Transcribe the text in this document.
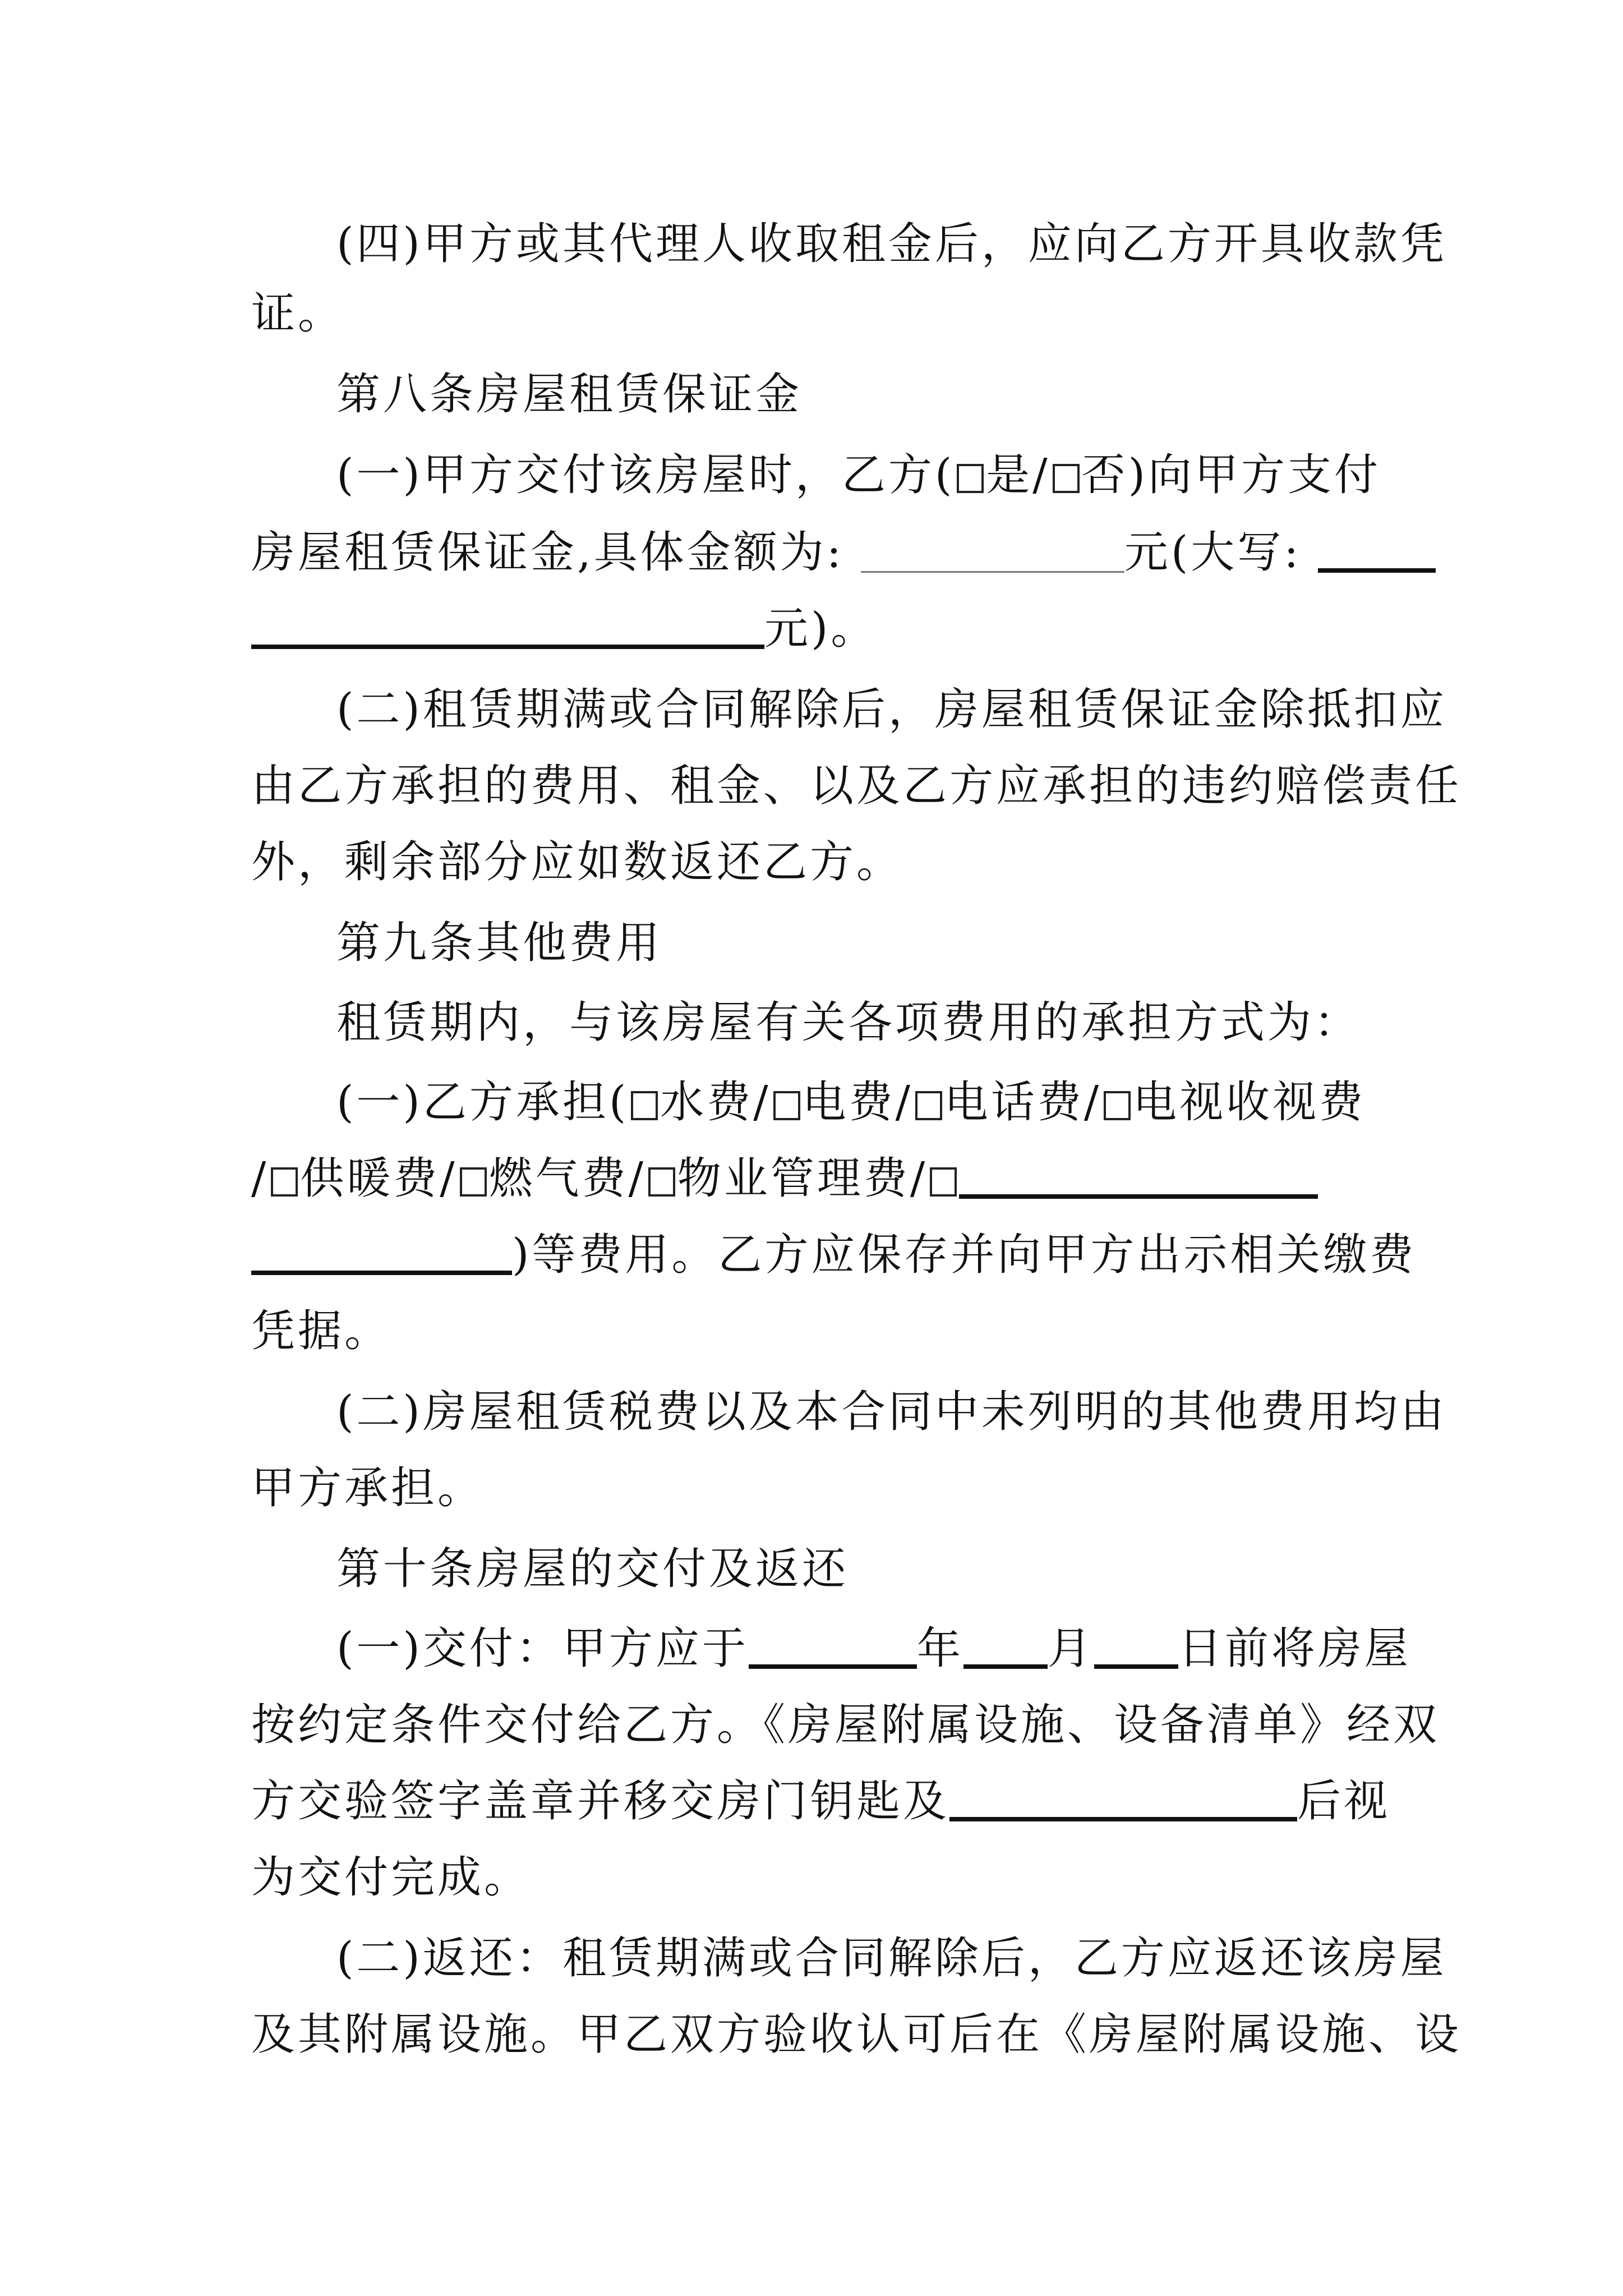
(四)甲方或其代理人收取租金后，应向乙方开具收款凭
证。
第八条房屋租赁保证金
(一)甲方交付该房屋时，乙方( 是/ 否)向甲方支付
房屋租赁保证金,具体金额为:	元(大写:
元)。
(二)租赁期满或合同解除后，房屋租赁保证金除抵扣应
由乙方承担的费用、租金、以及乙方应承担的违约赔偿责任
外，剩余部分应如数返还乙方。
第九条其他费用
租赁期内，与该房屋有关各项费用的承担方式为：
(一)乙方承担( 水费/ 电费/ 电话费/ 电视收视费
/ 供暖费/ 燃气费/ 物业管理费/
)等费用。乙方应保存并向甲方出示相关缴费
凭据。
(二)房屋租赁税费以及本合同中未列明的其他费用均由
甲方承担。
第十条房屋的交付及返还
(一)交付：甲方应于	年 月 日前将房屋
按约定条件交付给乙方。《房屋附属设施、设备清单》经双
方交验签字盖章并移交房门钥匙及	后视
为交付完成。
(二)返还：租赁期满或合同解除后，乙方应返还该房屋
及其附属设施。甲乙双方验收认可后在《房屋附属设施、设
